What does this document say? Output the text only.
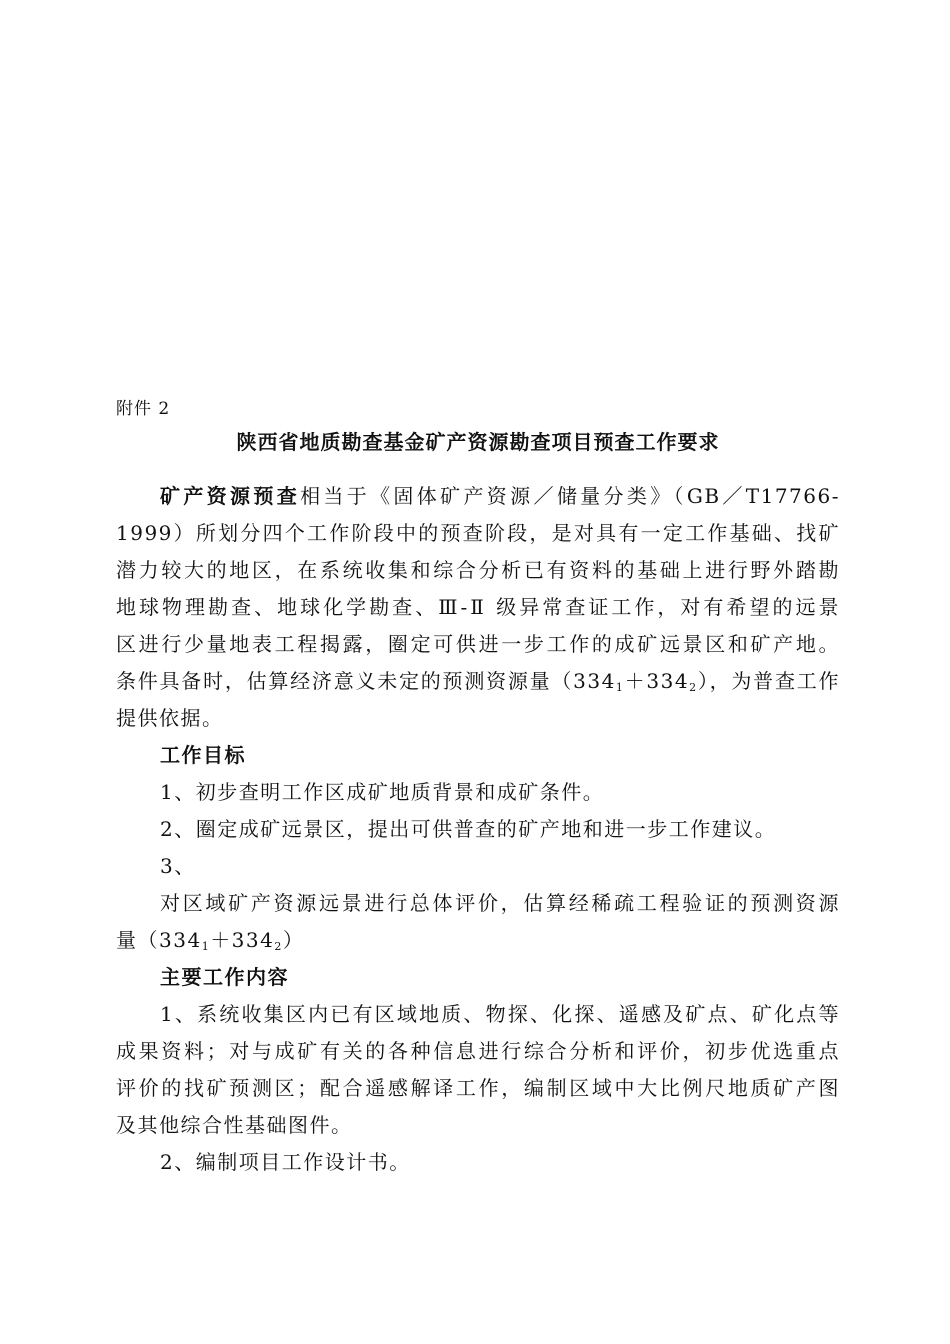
附件 2
陕西省地质勘查基金矿产资源勘查项目预查工作要求
矿产资源预查相当于《固体矿产资源／储量分类》（GB／T17766-
1999）所划分四个工作阶段中的预查阶段，是对具有一定工作基础、找矿
潜力较大的地区，在系统收集和综合分析已有资料的基础上进行野外踏勘
地球物理勘查、地球化学勘查、Ⅲ-Ⅱ 级异常查证工作，对有希望的远景
区进行少量地表工程揭露，圈定可供进一步工作的成矿远景区和矿产地。
条件具备时，估算经济意义未定的预测资源量$(334_1+334_2)$，为普查工作
提供依据。
工作目标
1、初步查明工作区成矿地质背景和成矿条件。
2、圈定成矿远景区，提出可供普查的矿产地和进一步工作建议。
3、
对区域矿产资源远景进行总体评价，估算经稀疏工程验证的预测资源
量$(334_1+334_2)$
主要工作内容
1、系统收集区内已有区域地质、物探、化探、遥感及矿点、矿化点等
成果资料；对与成矿有关的各种信息进行综合分析和评价，初步优选重点
评价的找矿预测区；配合遥感解译工作，编制区域中大比例尺地质矿产图
及其他综合性基础图件。
2、编制项目工作设计书。
